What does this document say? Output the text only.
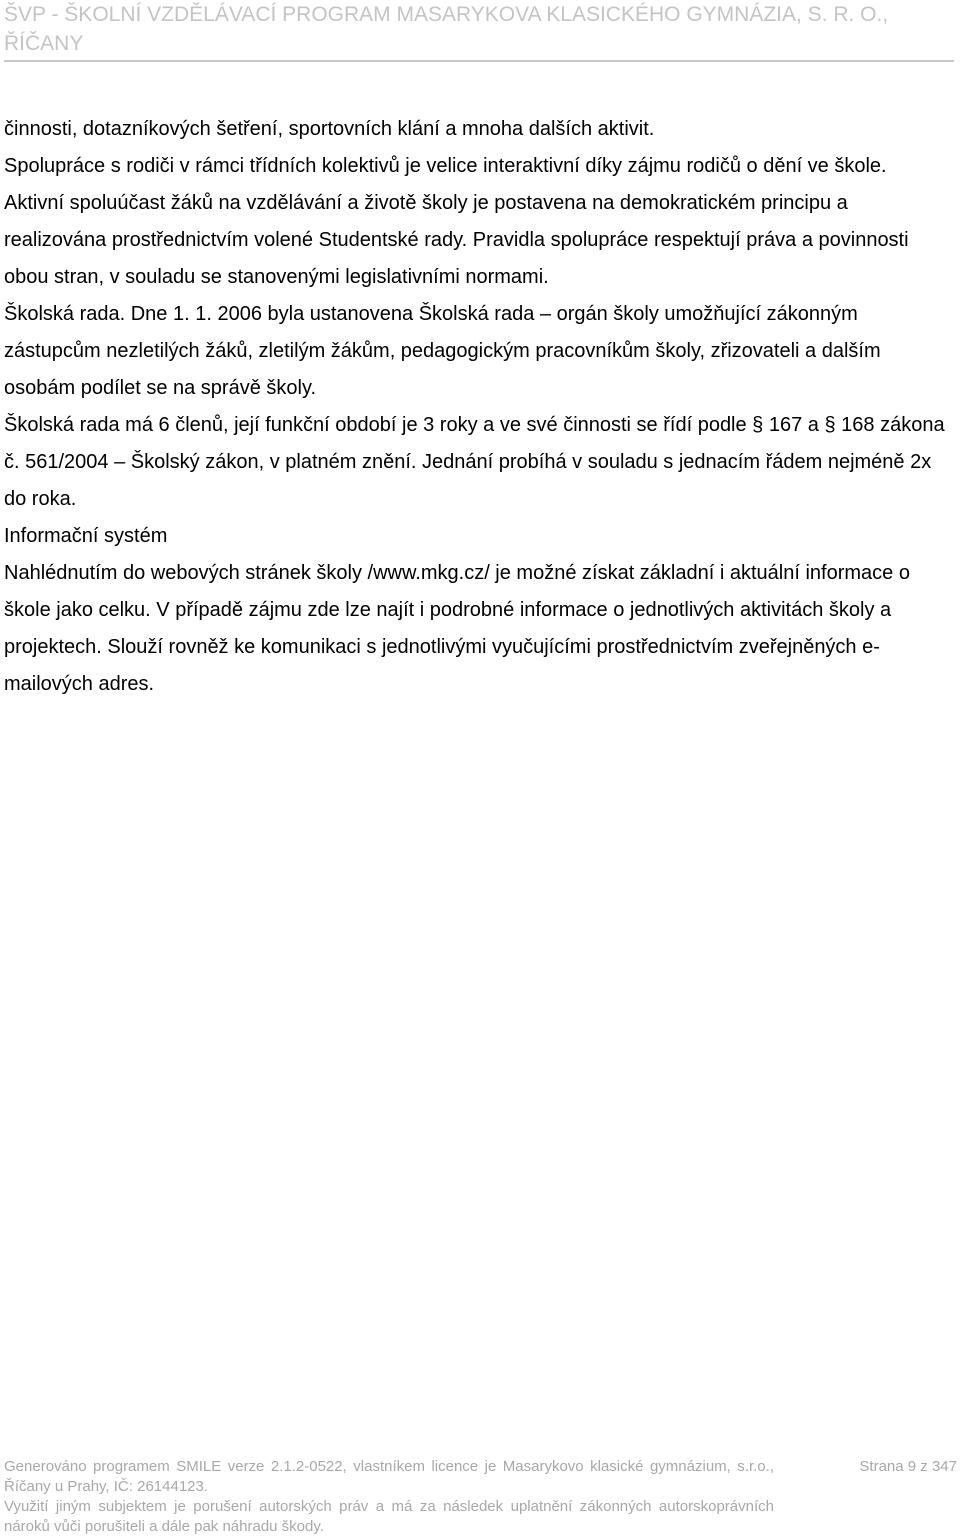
ŠVP - ŠKOLNÍ VZDĚLÁVACÍ PROGRAM MASARYKOVA KLASICKÉHO GYMNÁZIA, S. R. O., ŘÍČANY

činnosti, dotazníkových šetření, sportovních klání a mnoha dalších aktivit.

Spolupráce s rodiči v rámci třídních kolektivů je velice interaktivní díky zájmu rodičů o dění ve škole.

Aktivní spoluúčast žáků na vzdělávání a životě školy je postavena na demokratickém principu a realizována prostřednictvím volené Studentské rady. Pravidla spolupráce respektují práva a povinnosti obou stran, v souladu se stanovenými legislativními normami.

Školská rada. Dne 1. 1. 2006 byla ustanovena Školská rada – orgán školy umožňující zákonným zástupcům nezletilých žáků, zletilým žákům, pedagogickým pracovníkům školy, zřizovateli a dalším osobám podílet se na správě školy.

Školská rada má 6 členů, její funkční období je 3 roky a ve své činnosti se řídí podle § 167 a § 168 zákona č. 561/2004 – Školský zákon, v platném znění. Jednání probíhá v souladu s jednacím řádem nejméně 2x do roka.

Informační systém

Nahlédnutím do webových stránek školy /www.mkg.cz/ je možné získat základní i aktuální informace o škole jako celku. V případě zájmu zde lze najít i podrobné informace o jednotlivých aktivitách školy a projektech. Slouží rovněž ke komunikaci s jednotlivými vyučujícími prostřednictvím zveřejněných e-mailových adres.

Generováno programem SMILE verze 2.1.2-0522, vlastníkem licence je Masarykovo klasické gymnázium, s.r.o., Říčany u Prahy, IČ: 26144123.

Využití jiným subjektem je porušení autorských práv a má za následek uplatnění zákonných autorskoprávních nároků vůči porušiteli a dále pak náhradu škody.

Strana 9 z 347
